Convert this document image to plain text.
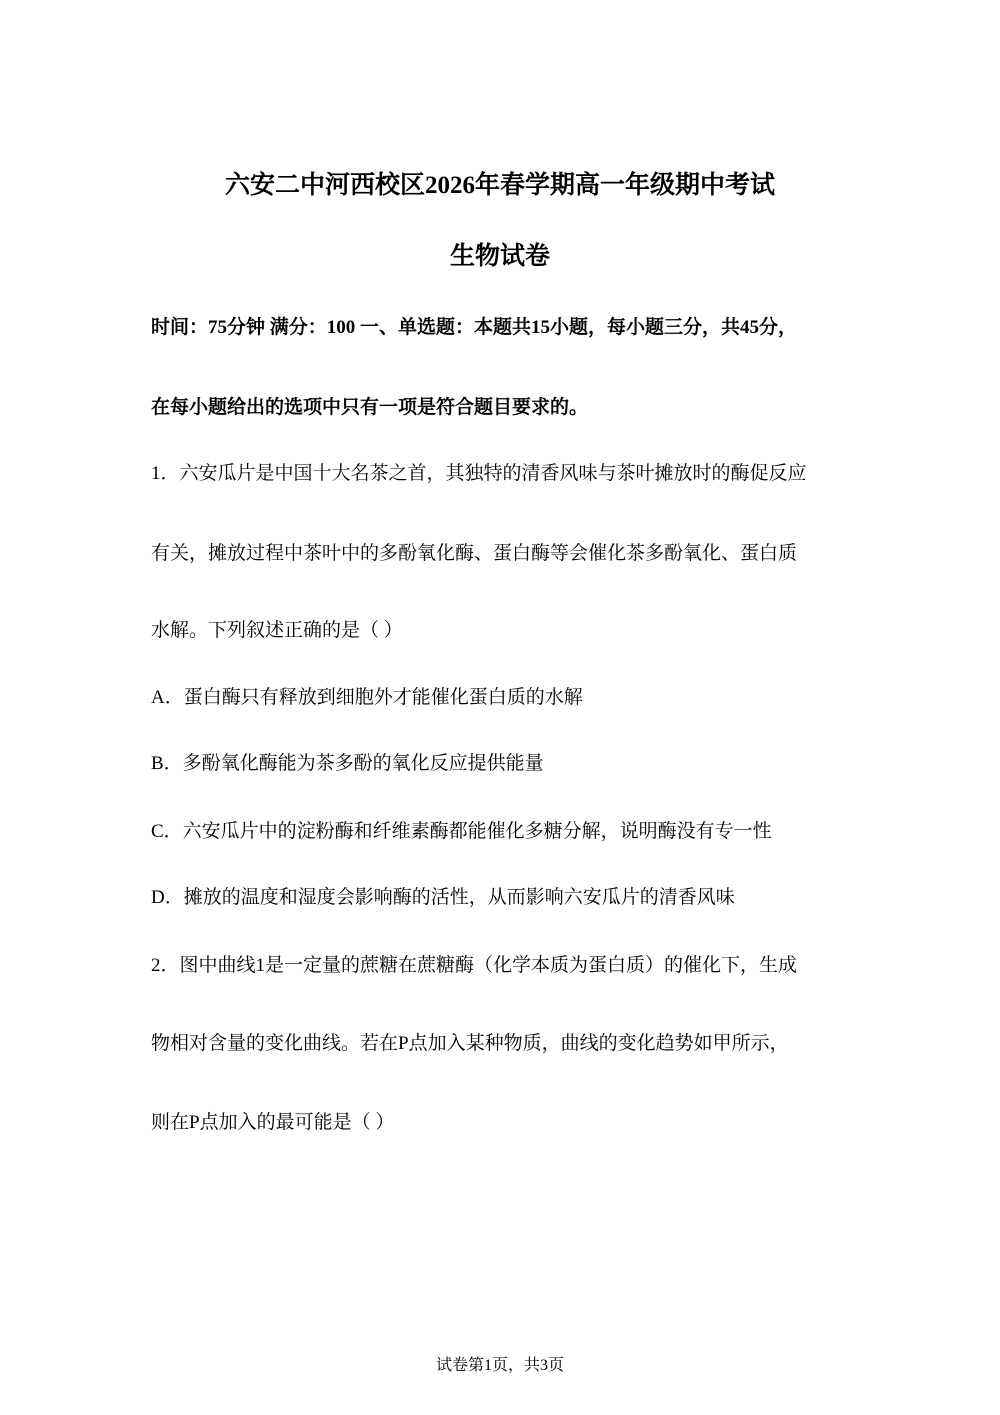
六安二中河西校区2026年春学期高一年级期中考试
生物试卷
时间：75分钟 满分：100 一、单选题：本题共15小题，每小题三分，共45分，
在每小题给出的选项中只有一项是符合题目要求的。
1．六安瓜片是中国十大名茶之首，其独特的清香风味与茶叶摊放时的酶促反应
有关，摊放过程中茶叶中的多酚氧化酶、蛋白酶等会催化茶多酚氧化、蛋白质
水解。下列叙述正确的是（ ）
A．蛋白酶只有释放到细胞外才能催化蛋白质的水解
B．多酚氧化酶能为茶多酚的氧化反应提供能量
C．六安瓜片中的淀粉酶和纤维素酶都能催化多糖分解，说明酶没有专一性
D．摊放的温度和湿度会影响酶的活性，从而影响六安瓜片的清香风味
2．图中曲线1是一定量的蔗糖在蔗糖酶（化学本质为蛋白质）的催化下，生成
物相对含量的变化曲线。若在P点加入某种物质，曲线的变化趋势如甲所示，
则在P点加入的最可能是（ ）
试卷第1页，共3页
